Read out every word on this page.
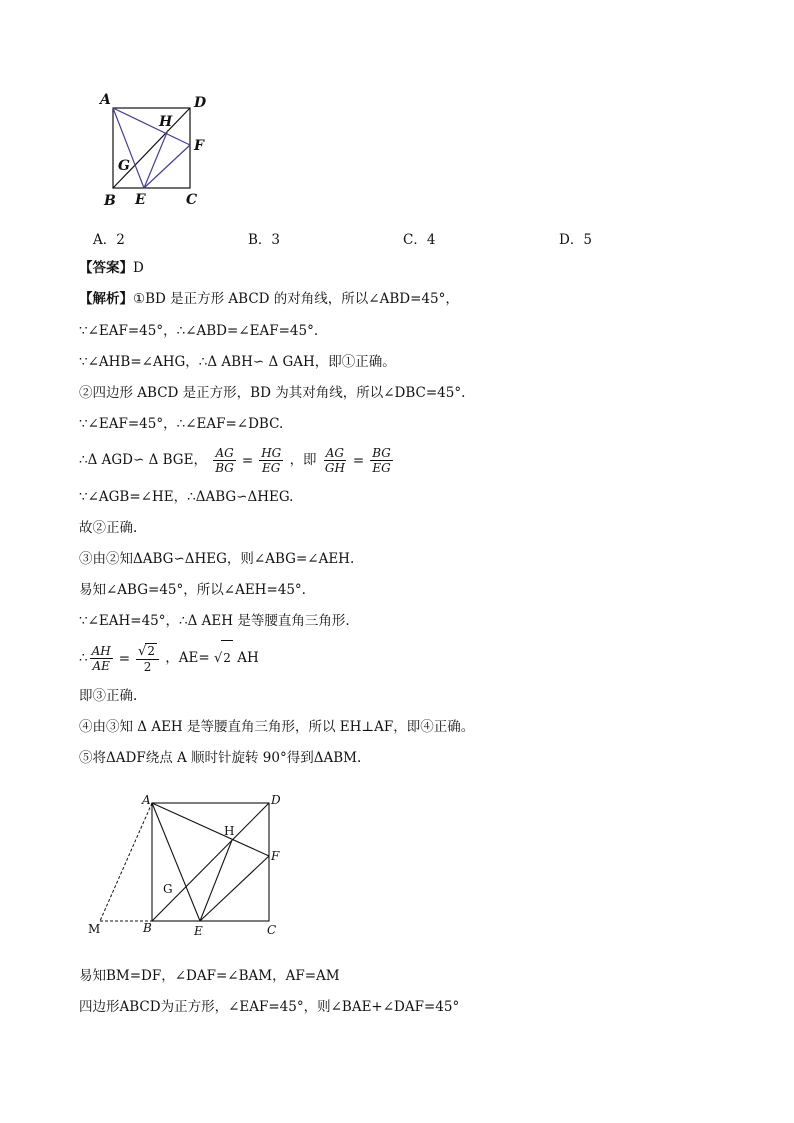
A	D
H
F
G
B E	C
A．2	B．3	C．4	D．5
【答案】D
【解析】①BD 是正方形 ABCD 的对角线，所以∠ABD=45°，
∵∠EAF=45°，∴∠ABD=∠EAF=45°.
∵∠AHB=∠AHG，∴Δ ABH∽ Δ GAH，即①正确。
②四边形 ABCD 是正方形，BD 为其对角线，所以∠DBC=45°.
∵∠EAF=45°，∴∠EAF=∠DBC.
∴Δ AGD∽ Δ BGE， $\frac{AG}{BG} = \frac{HG}{EG}$ ，即 $\frac{AG}{GH} = \frac{BG}{EG}$
∵∠AGB=∠HE，∴ΔABG∽ΔHEG.
故②正确.
③由②知ΔABG∽ΔHEG，则∠ABG=∠AEH.
易知∠ABG=45°，所以∠AEH=45°.
∵∠EAH=45°，∴Δ AEH 是等腰直角三角形.
∴ $\frac{AH}{AE} = \frac{√2}{2}$ ，AE= √2 AH
即③正确.
④由③知 Δ AEH 是等腰直角三角形，所以 EH⊥AF，即④正确。
⑤将ΔADF绕点 A 顺时针旋转 90°得到ΔABM.
A	D
H
F
G
M	B	E	C
易知BM=DF，∠DAF=∠BAM，AF=AM
四边形ABCD为正方形，∠EAF=45°，则∠BAE+∠DAF=45°
